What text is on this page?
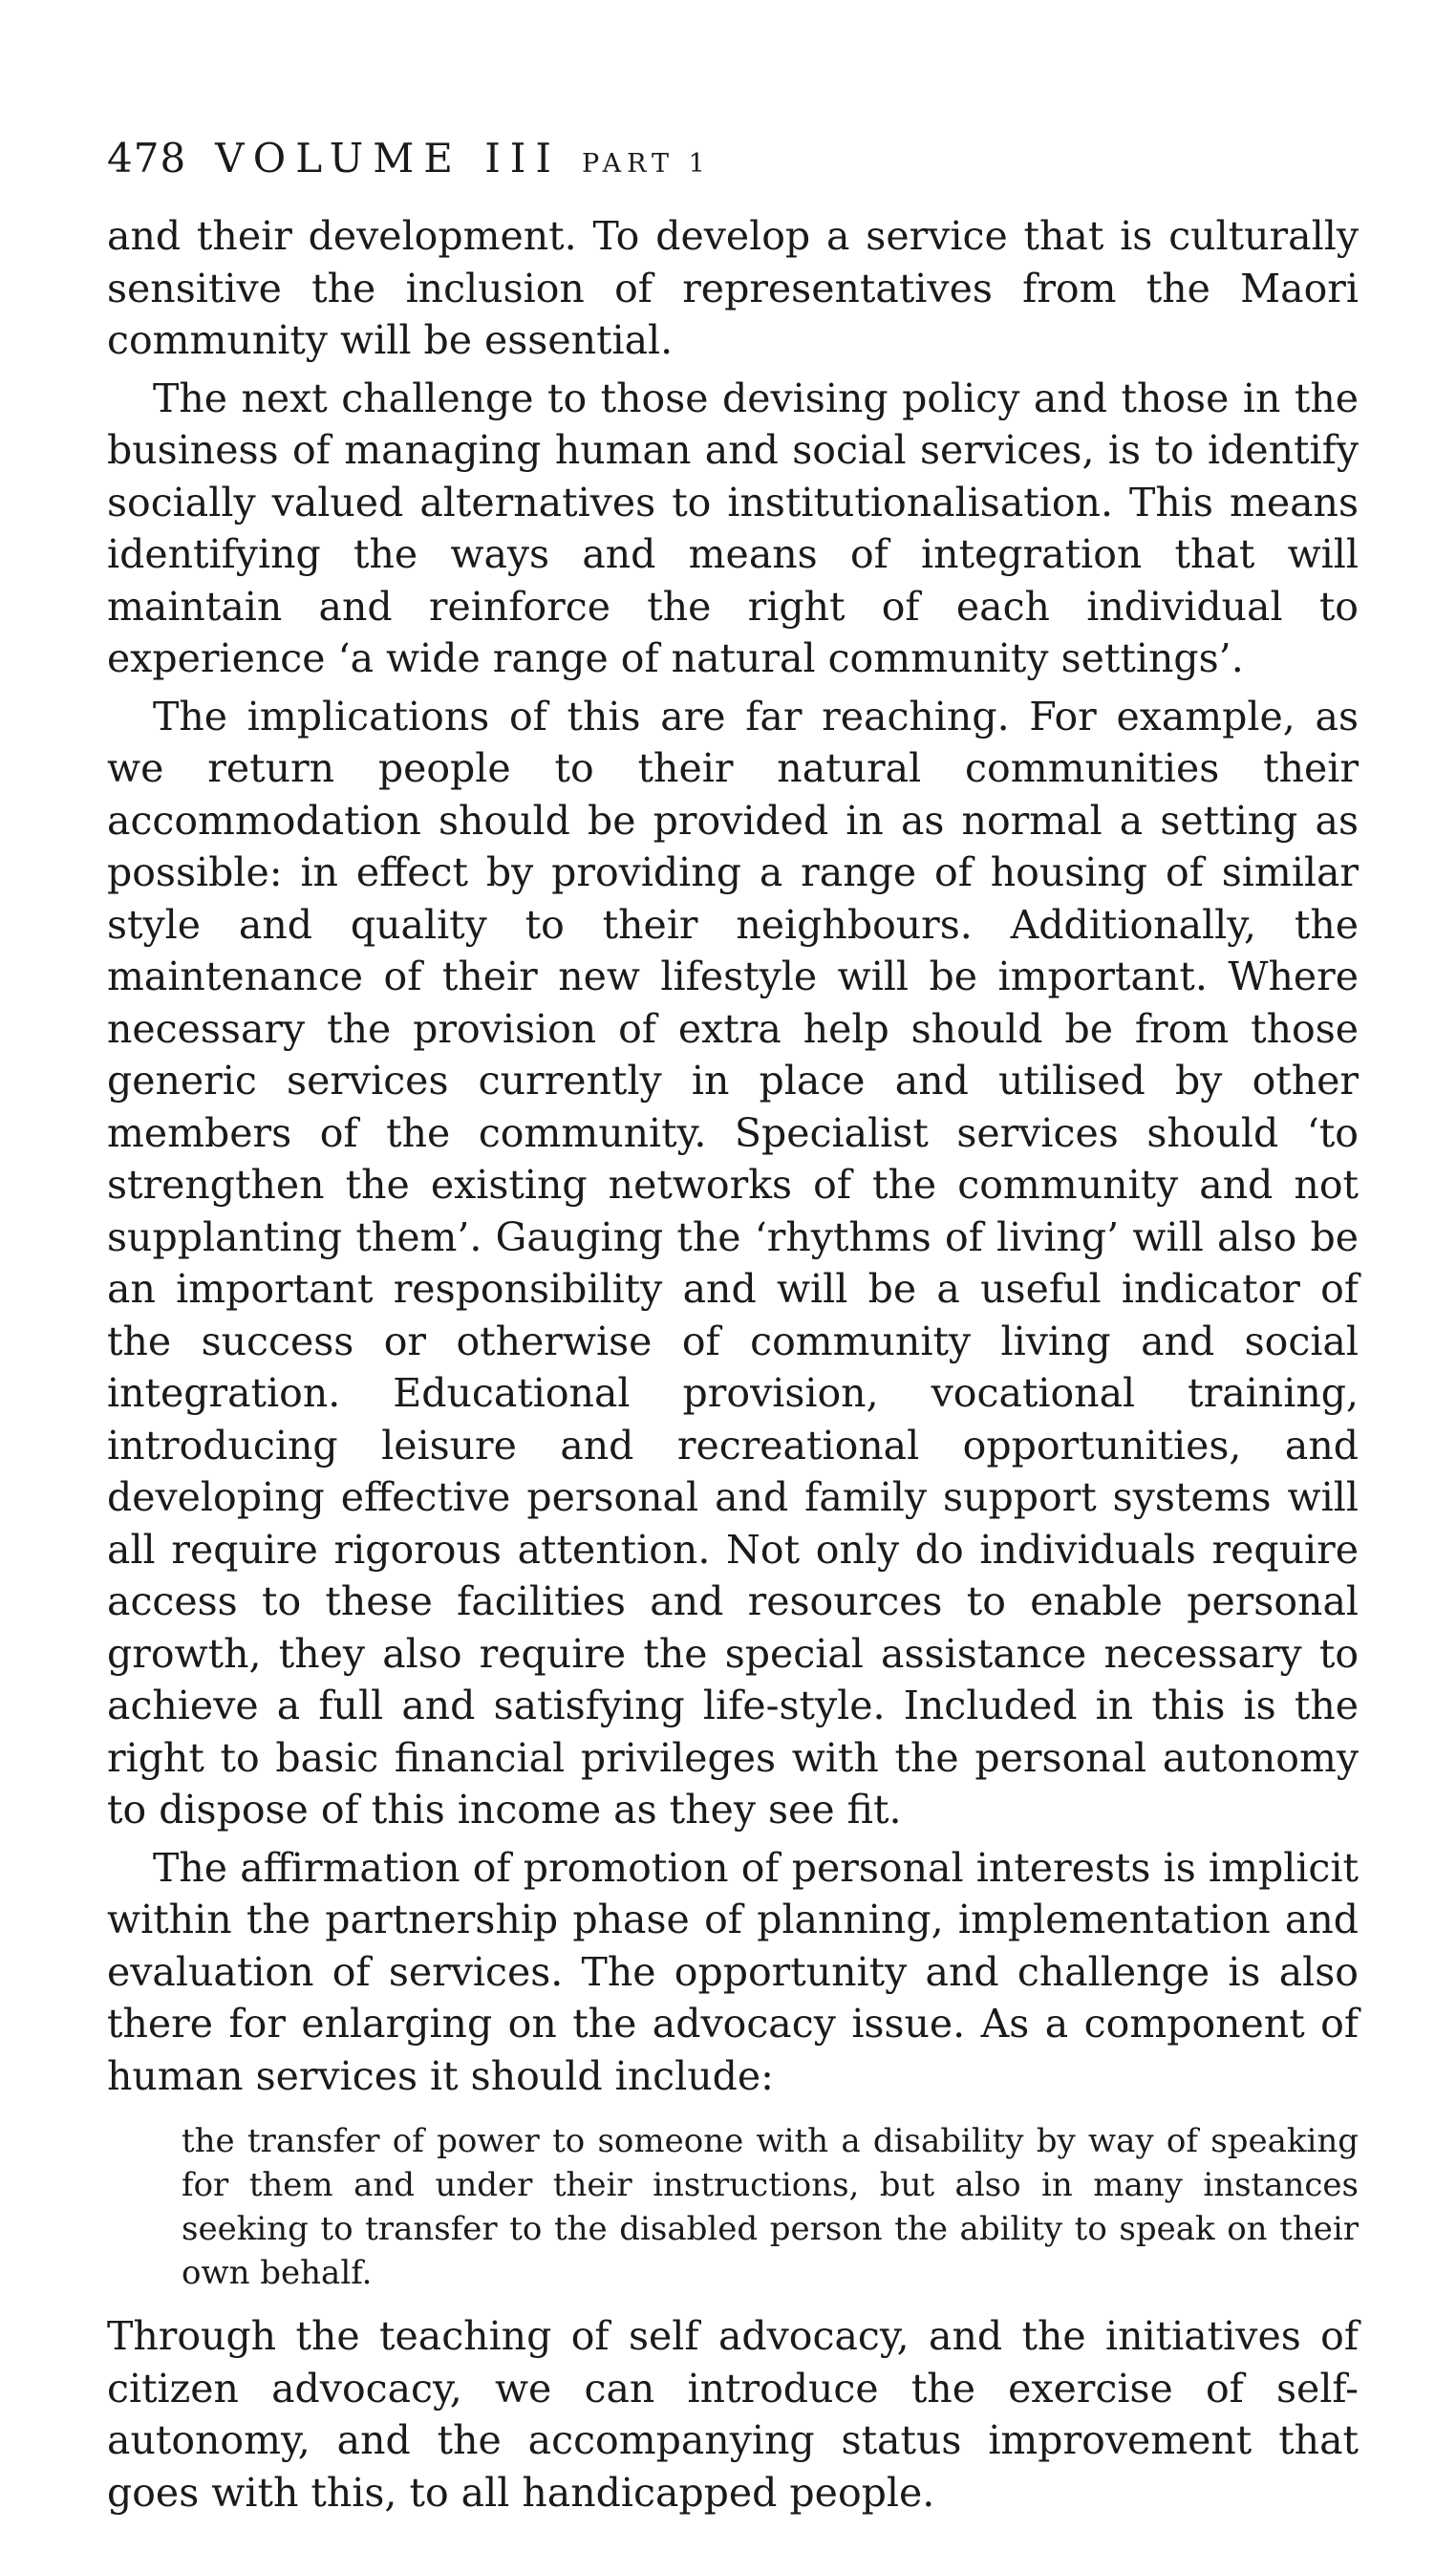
478 VOLUME III PART 1

and their development. To develop a service that is culturally sensitive the inclusion of representatives from the Maori community will be essential.

The next challenge to those devising policy and those in the business of managing human and social services, is to identify socially valued alternatives to institutionalisation. This means identifying the ways and means of integration that will maintain and reinforce the right of each individual to experience ‘a wide range of natural community settings’.

The implications of this are far reaching. For example, as we return people to their natural communities their accommodation should be provided in as normal a setting as possible: in effect by providing a range of housing of similar style and quality to their neighbours. Additionally, the maintenance of their new lifestyle will be important. Where necessary the provision of extra help should be from those generic services currently in place and utilised by other members of the community. Specialist services should ‘to strengthen the existing networks of the community and not supplanting them’. Gauging the ‘rhythms of living’ will also be an important responsibility and will be a useful indicator of the success or otherwise of community living and social integration. Educational provision, vocational training, introducing leisure and recreational opportunities, and developing effective personal and family support systems will all require rigorous attention. Not only do individuals require access to these facilities and resources to enable personal growth, they also require the special assistance necessary to achieve a full and satisfying life-style. Included in this is the right to basic financial privileges with the personal autonomy to dispose of this income as they see fit.

The affirmation of promotion of personal interests is implicit within the partnership phase of planning, implementation and evaluation of services. The opportunity and challenge is also there for enlarging on the advocacy issue. As a component of human services it should include:

the transfer of power to someone with a disability by way of speaking for them and under their instructions, but also in many instances seeking to transfer to the disabled person the ability to speak on their own behalf.

Through the teaching of self advocacy, and the initiatives of citizen advocacy, we can introduce the exercise of self-autonomy, and the accompanying status improvement that goes with this, to all handicapped people.
